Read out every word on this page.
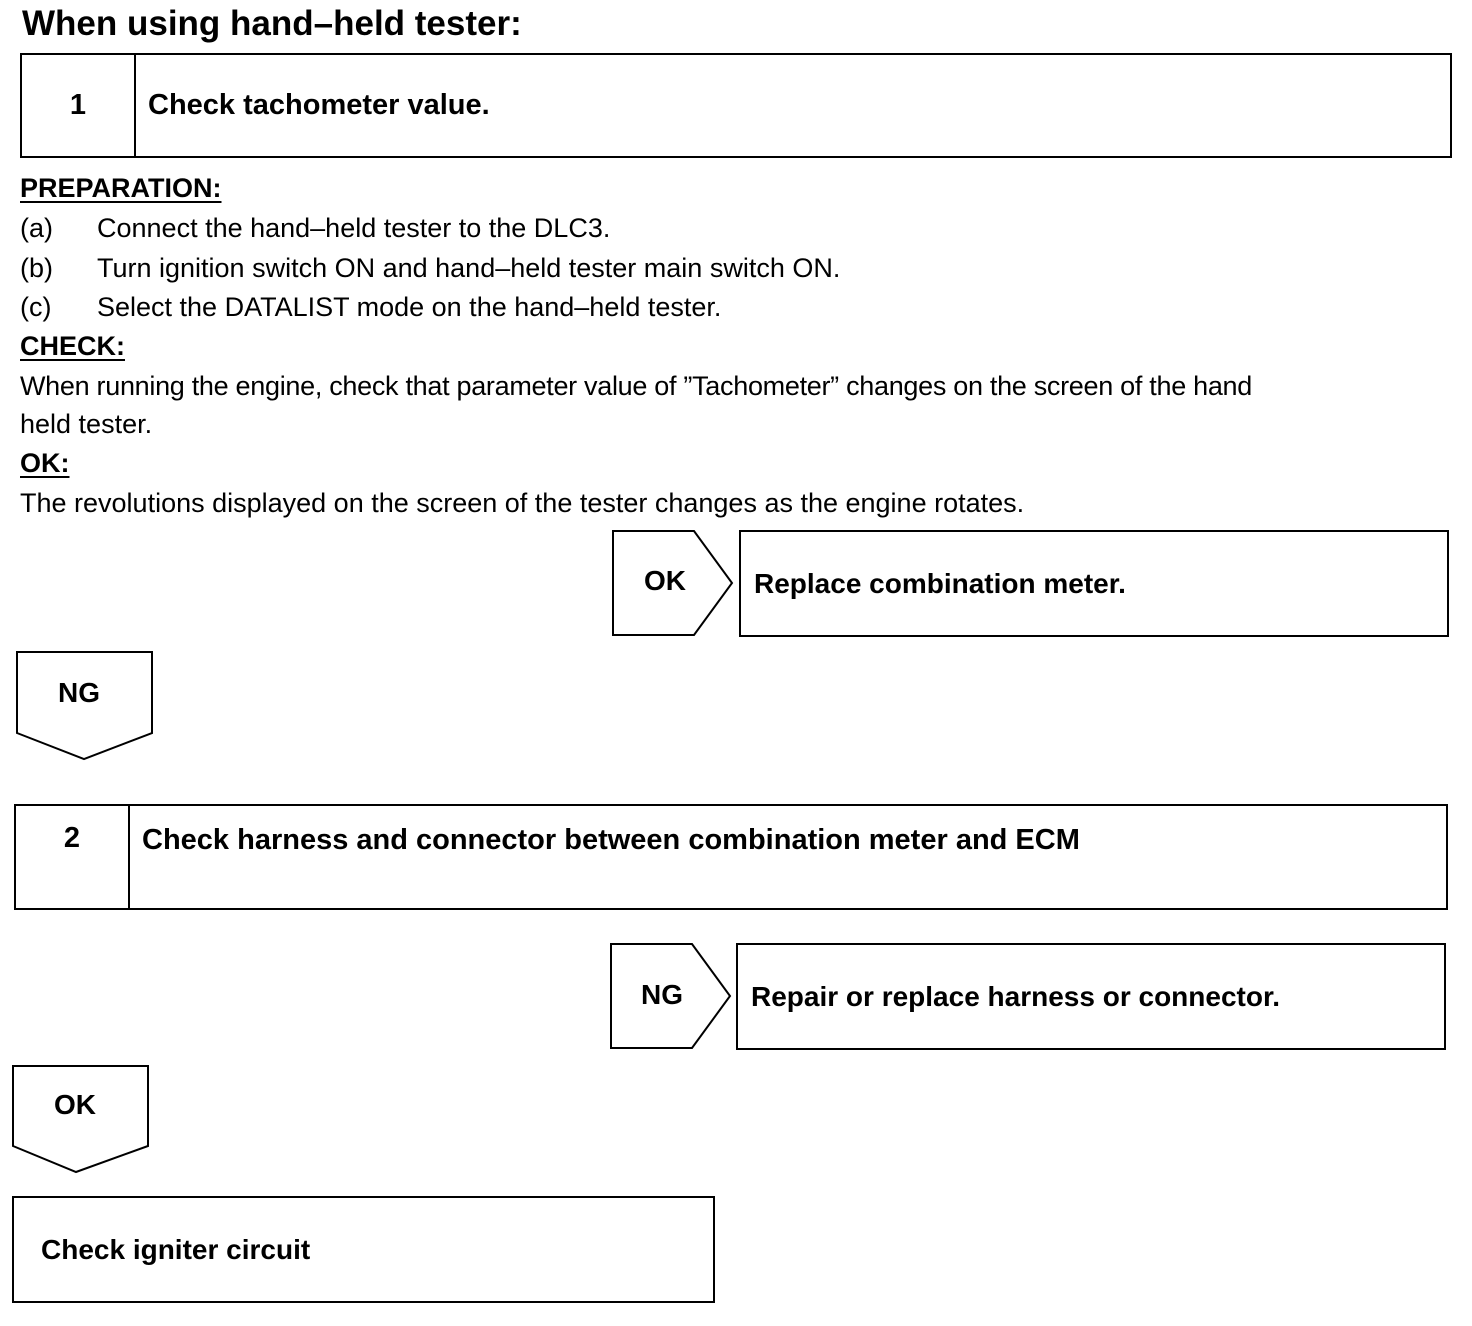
When using hand–held tester:
1	Check tachometer value.
PREPARATION:
(a) Connect the hand–held tester to the DLC3.
(b) Turn ignition switch ON and hand–held tester main switch ON.
(c) Select the DATALIST mode on the hand–held tester.
CHECK:
When running the engine, check that parameter value of ”Tachometer” changes on the screen of the hand
held tester.
OK:
The revolutions displayed on the screen of the tester changes as the engine rotates.
OK	Replace combination meter.
NG
2	Check harness and connector between combination meter and ECM
NG	Repair or replace harness or connector.
OK
Check igniter circuit
